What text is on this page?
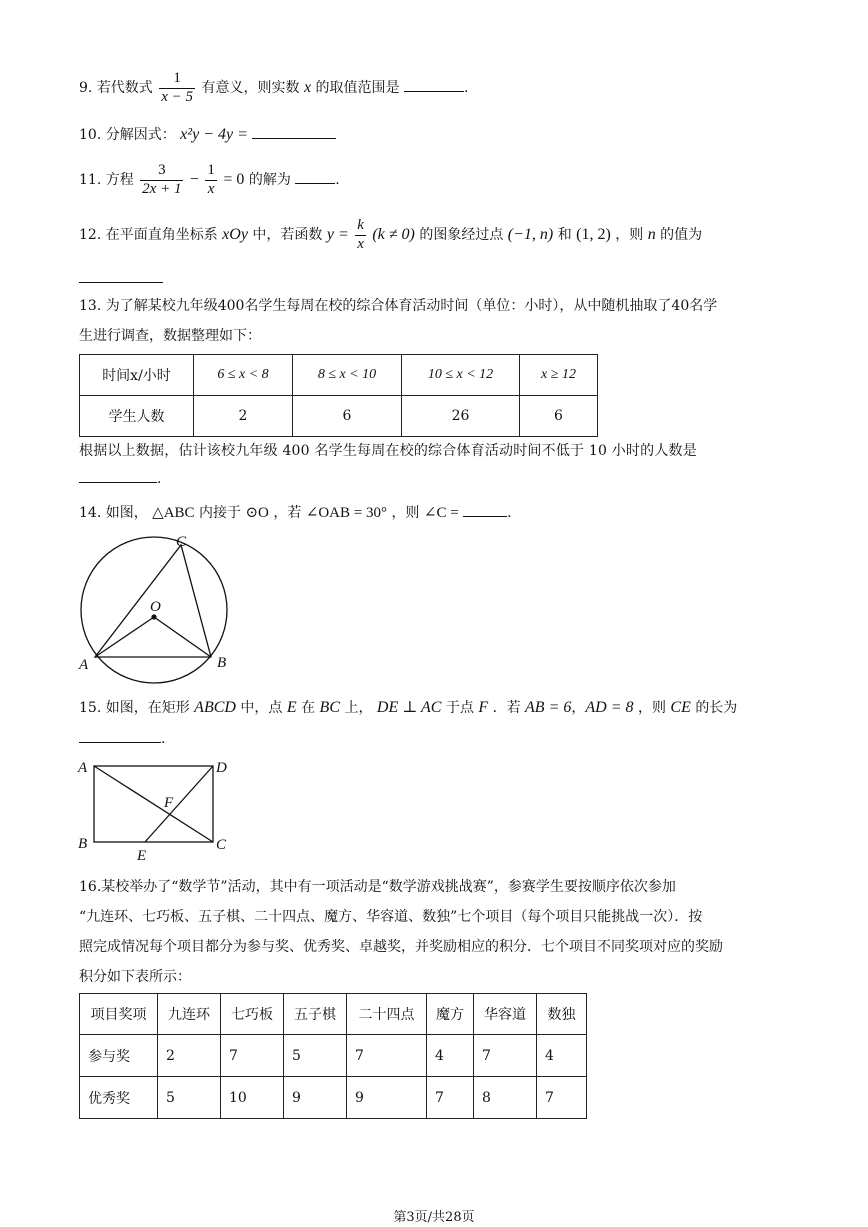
9. 若代数式 $\frac{1}{x - 5}$ 有意义，则实数 x 的取值范围是	.
10. 分解因式： x²y − 4y =
11. 方程 $\frac{3}{2x + 1} - \frac{1}{x} = 0$ 的解为	.
12. 在平面直角坐标系 xOy 中，若函数 $y = \frac{k}{x} (k \ne 0)$ 的图象经过点 (−1, n) 和 (1, 2) ，则 n 的值为
13. 为了解某校九年级400名学生每周在校的综合体育活动时间（单位：小时），从中随机抽取了40名学
生进行调查，数据整理如下：
时间x/小时	6 ≤ x < 8	8 ≤ x < 10	10 ≤ x < 12	x ≥ 12
学生人数	2	6	26	6
根据以上数据，估计该校九年级 400 名学生每周在校的综合体育活动时间不低于 10 小时的人数是
.
14. 如图， △ABC 内接于 ⊙O ，若 ∠OAB = 30° ，则 ∠C =	.
A	B
C
O
15. 如图，在矩形 ABCD 中，点 E 在 BC 上， DE ⊥ AC 于点 F ．若 AB = 6，AD = 8 ，则 CE 的长为
.
A	D
B	C
E
F
16.某校举办了“数学节”活动，其中有一项活动是“数学游戏挑战赛”，参赛学生要按顺序依次参加
“九连环、七巧板、五子棋、二十四点、魔方、华容道、数独”七个项目（每个项目只能挑战一次）．按
照完成情况每个项目都分为参与奖、优秀奖、卓越奖，并奖励相应的积分．七个项目不同奖项对应的奖励
积分如下表所示：
项目奖项	九连环	七巧板	五子棋	二十四点	魔方	华容道	数独
参与奖	2	7	5	7	4	7	4
优秀奖	5	10	9	9	7	8	7
第3页/共28页
